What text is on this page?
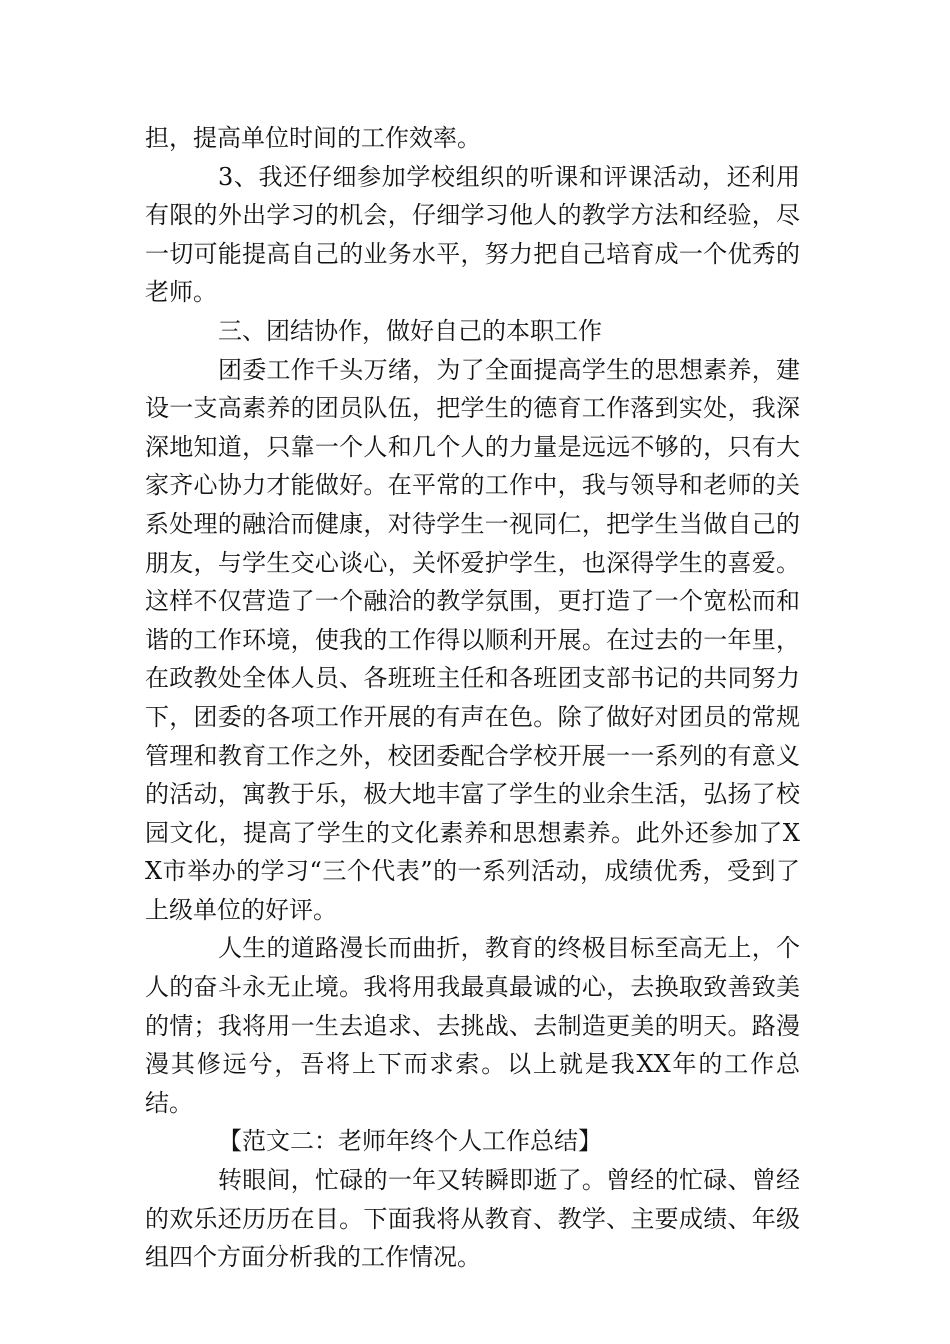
担，提高单位时间的工作效率。

3、我还仔细参加学校组织的听课和评课活动，还利用有限的外出学习的机会，仔细学习他人的教学方法和经验，尽一切可能提高自己的业务水平，努力把自己培育成一个优秀的老师。

三、团结协作，做好自己的本职工作

团委工作千头万绪，为了全面提高学生的思想素养，建设一支高素养的团员队伍，把学生的德育工作落到实处，我深深地知道，只靠一个人和几个人的力量是远远不够的，只有大家齐心协力才能做好。在平常的工作中，我与领导和老师的关系处理的融洽而健康，对待学生一视同仁，把学生当做自己的朋友，与学生交心谈心，关怀爱护学生，也深得学生的喜爱。这样不仅营造了一个融洽的教学氛围，更打造了一个宽松而和谐的工作环境，使我的工作得以顺利开展。在过去的一年里，在政教处全体人员、各班班主任和各班团支部书记的共同努力下，团委的各项工作开展的有声在色。除了做好对团员的常规管理和教育工作之外，校团委配合学校开展一一系列的有意义的活动，寓教于乐，极大地丰富了学生的业余生活，弘扬了校园文化，提高了学生的文化素养和思想素养。此外还参加了XX市举办的学习“三个代表”的一系列活动，成绩优秀，受到了上级单位的好评。

人生的道路漫长而曲折，教育的终极目标至高无上，个人的奋斗永无止境。我将用我最真最诚的心，去换取致善致美的情；我将用一生去追求、去挑战、去制造更美的明天。路漫漫其修远兮，吾将上下而求索。以上就是我XX年的工作总结。

【范文二：老师年终个人工作总结】

转眼间，忙碌的一年又转瞬即逝了。曾经的忙碌、曾经的欢乐还历历在目。下面我将从教育、教学、主要成绩、年级组四个方面分析我的工作情况。
